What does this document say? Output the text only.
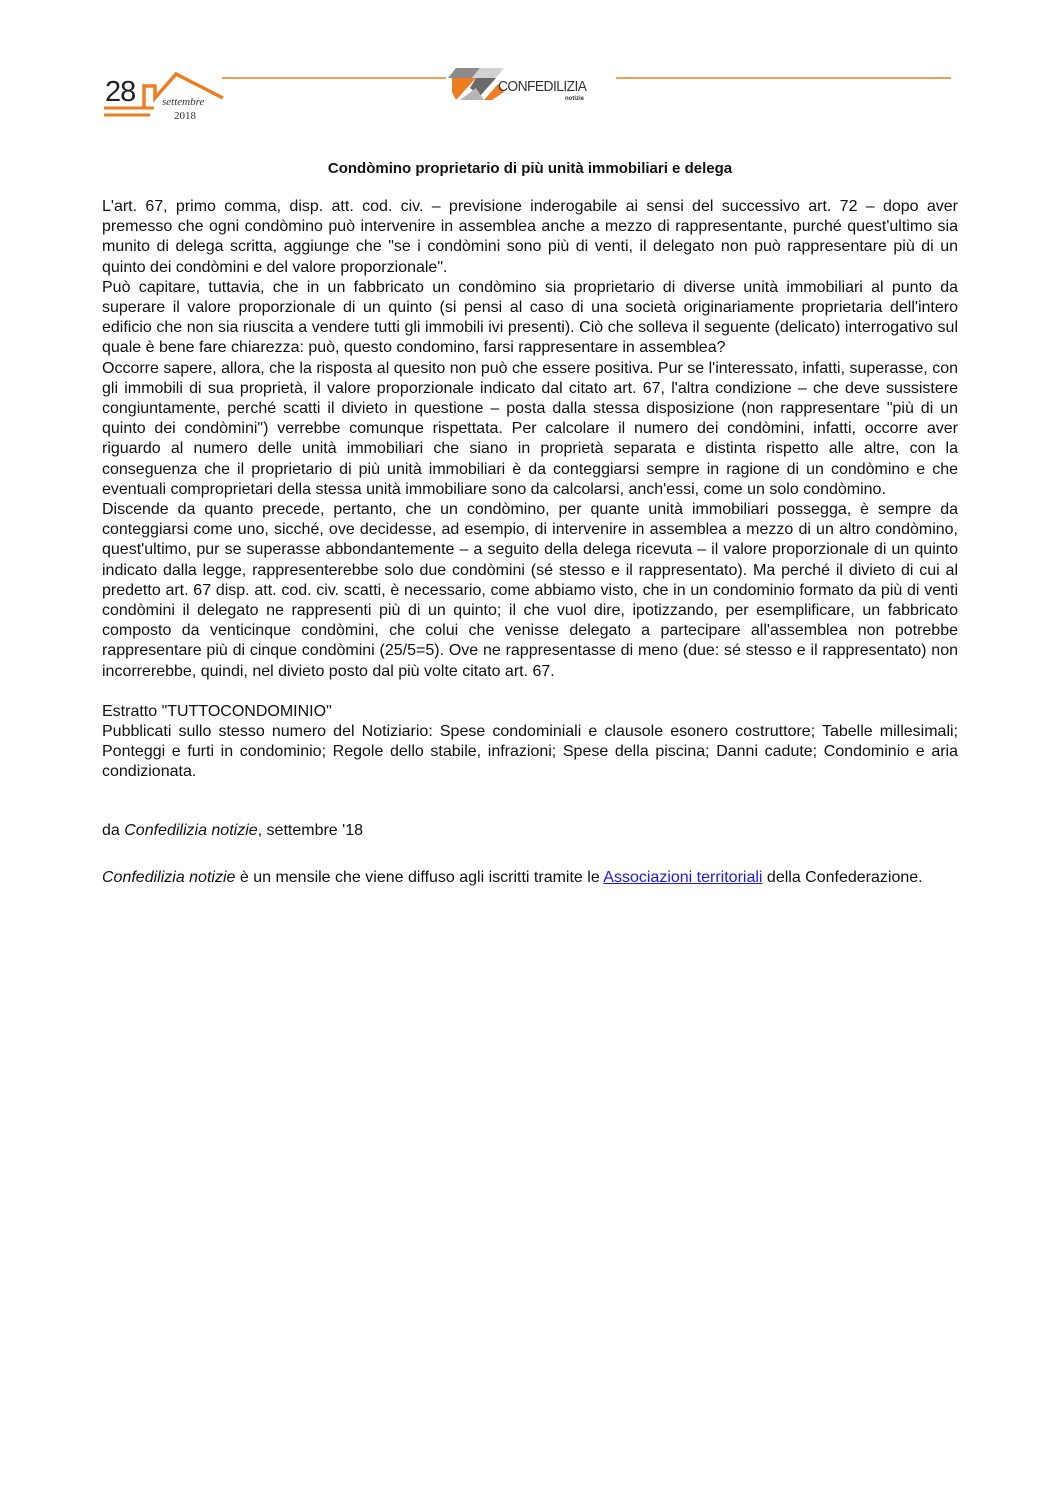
28 settembre
2018
CONFEDILIZIA
notizie
Condòmino proprietario di più unità immobiliari e delega

L'art. 67, primo comma, disp. att. cod. civ. – previsione inderogabile ai sensi del successivo art. 72 – dopo aver premesso che ogni condòmino può intervenire in assemblea anche a mezzo di rappresentante, purché quest'ultimo sia munito di delega scritta, aggiunge che "se i condòmini sono più di venti, il delegato non può rappresentare più di un quinto dei condòmini e del valore proporzionale".

Può capitare, tuttavia, che in un fabbricato un condòmino sia proprietario di diverse unità immobiliari al punto da superare il valore proporzionale di un quinto (si pensi al caso di una società originariamente proprietaria dell'intero edificio che non sia riuscita a vendere tutti gli immobili ivi presenti). Ciò che solleva il seguente (delicato) interrogativo sul quale è bene fare chiarezza: può, questo condomino, farsi rappresentare in assemblea?

Occorre sapere, allora, che la risposta al quesito non può che essere positiva. Pur se l'interessato, infatti, superasse, con gli immobili di sua proprietà, il valore proporzionale indicato dal citato art. 67, l'altra condizione – che deve sussistere congiuntamente, perché scatti il divieto in questione – posta dalla stessa disposizione (non rappresentare "più di un quinto dei condòmini") verrebbe comunque rispettata. Per calcolare il numero dei condòmini, infatti, occorre aver riguardo al numero delle unità immobiliari che siano in proprietà separata e distinta rispetto alle altre, con la conseguenza che il proprietario di più unità immobiliari è da conteggiarsi sempre in ragione di un condòmino e che eventuali comproprietari della stessa unità immobiliare sono da calcolarsi, anch'essi, come un solo condòmino.

Discende da quanto precede, pertanto, che un condòmino, per quante unità immobiliari possegga, è sempre da conteggiarsi come uno, sicché, ove decidesse, ad esempio, di intervenire in assemblea a mezzo di un altro condòmino, quest'ultimo, pur se superasse abbondantemente – a seguito della delega ricevuta – il valore proporzionale di un quinto indicato dalla legge, rappresenterebbe solo due condòmini (sé stesso e il rappresentato). Ma perché il divieto di cui al predetto art. 67 disp. att. cod. civ. scatti, è necessario, come abbiamo visto, che in un condominio formato da più di venti condòmini il delegato ne rappresenti più di un quinto; il che vuol dire, ipotizzando, per esemplificare, un fabbricato composto da venticinque condòmini, che colui che venisse delegato a partecipare all'assemblea non potrebbe rappresentare più di cinque condòmini (25/5=5). Ove ne rappresentasse di meno (due: sé stesso e il rappresentato) non incorrerebbe, quindi, nel divieto posto dal più volte citato art. 67.

Estratto "TUTTOCONDOMINIO"

Pubblicati sullo stesso numero del Notiziario: Spese condominiali e clausole esonero costruttore; Tabelle millesimali; Ponteggi e furti in condominio; Regole dello stabile, infrazioni; Spese della piscina; Danni cadute; Condominio e aria condizionata.

da Confedilizia notizie, settembre '18

Confedilizia notizie è un mensile che viene diffuso agli iscritti tramite le Associazioni territoriali della Confederazione.
